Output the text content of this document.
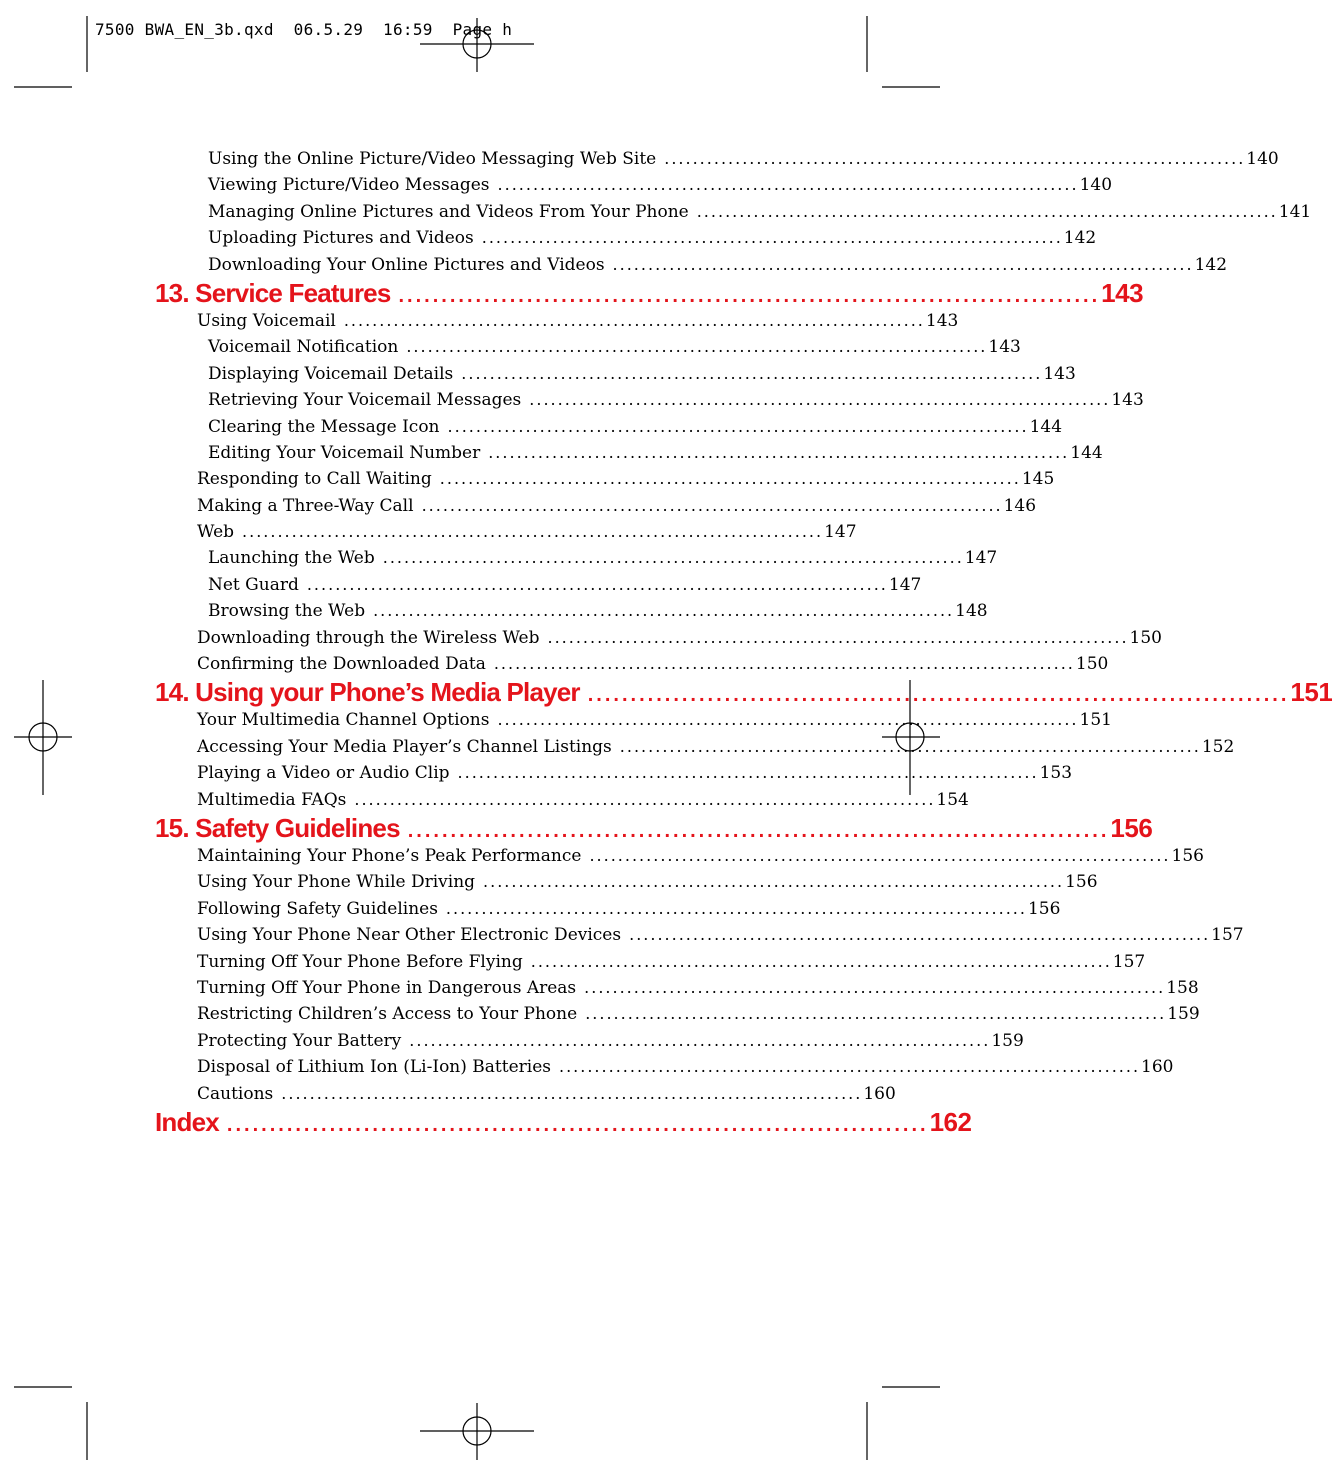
7500 BWA_EN_3b.qxd  06.5.29  16:59  Page h
Using the Online Picture/Video Messaging Web Site .................................................................................. 140
Viewing Picture/Video Messages .................................................................................. 140
Managing Online Pictures and Videos From Your Phone .................................................................................. 141
Uploading Pictures and Videos .................................................................................. 142
Downloading Your Online Pictures and Videos .................................................................................. 142
13. Service Features .................................................................................. 143
Using Voicemail .................................................................................. 143
Voicemail Notification .................................................................................. 143
Displaying Voicemail Details .................................................................................. 143
Retrieving Your Voicemail Messages .................................................................................. 143
Clearing the Message Icon .................................................................................. 144
Editing Your Voicemail Number .................................................................................. 144
Responding to Call Waiting .................................................................................. 145
Making a Three-Way Call .................................................................................. 146
Web .................................................................................. 147
Launching the Web .................................................................................. 147
Net Guard .................................................................................. 147
Browsing the Web .................................................................................. 148
Downloading through the Wireless Web .................................................................................. 150
Confirming the Downloaded Data .................................................................................. 150
14. Using your Phone’s Media Player .................................................................................. 151
Your Multimedia Channel Options .................................................................................. 151
Accessing Your Media Player’s Channel Listings .................................................................................. 152
Playing a Video or Audio Clip .................................................................................. 153
Multimedia FAQs .................................................................................. 154
15. Safety Guidelines .................................................................................. 156
Maintaining Your Phone’s Peak Performance .................................................................................. 156
Using Your Phone While Driving .................................................................................. 156
Following Safety Guidelines .................................................................................. 156
Using Your Phone Near Other Electronic Devices .................................................................................. 157
Turning Off Your Phone Before Flying .................................................................................. 157
Turning Off Your Phone in Dangerous Areas .................................................................................. 158
Restricting Children’s Access to Your Phone .................................................................................. 159
Protecting Your Battery .................................................................................. 159
Disposal of Lithium Ion (Li-Ion) Batteries .................................................................................. 160
Cautions .................................................................................. 160
Index .................................................................................. 162
